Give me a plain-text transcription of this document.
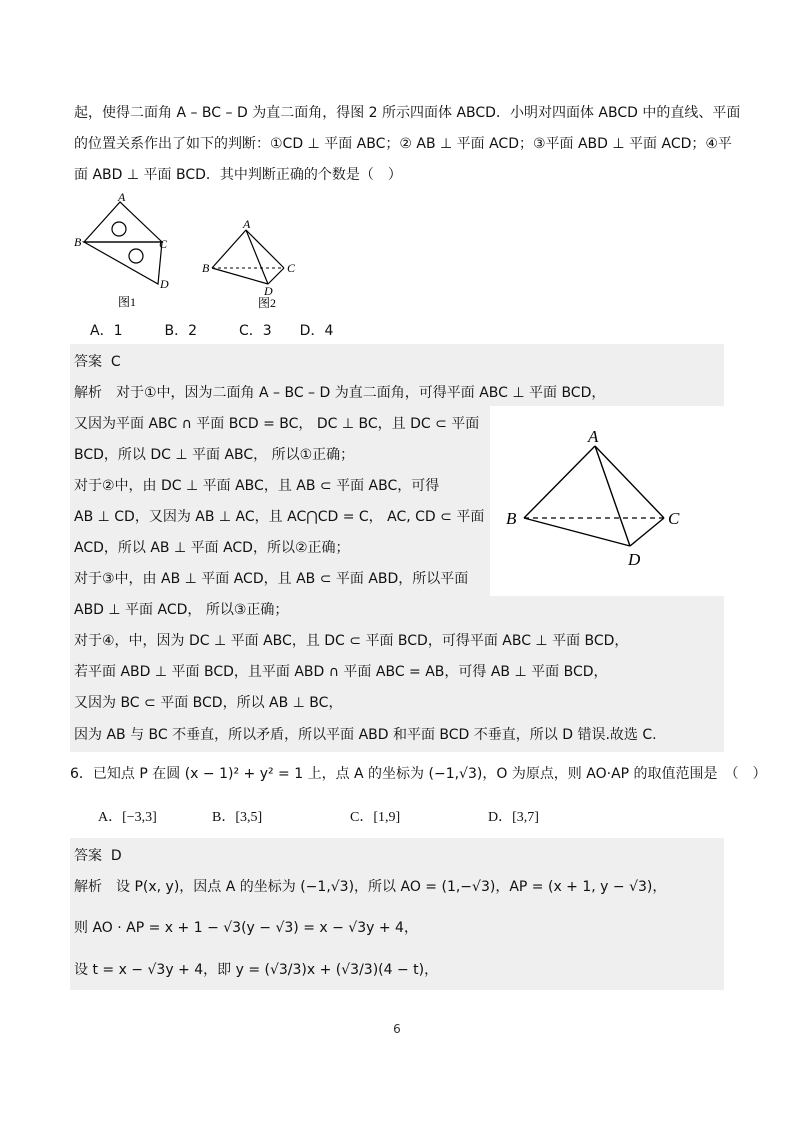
起，使得二面角 A – BC – D 为直二面角，得图 2 所示四面体 ABCD．小明对四面体 ABCD 中的直线、平面
的位置关系作出了如下的判断：①CD ⊥ 平面 ABC；② AB ⊥ 平面 ACD；③平面 ABD ⊥ 平面 ACD；④平
面 ABD ⊥ 平面 BCD．其中判断正确的个数是（　）
A
B	C
D
图1
A
B	C
D
图2
A．1　　　B．2　　　C．3　　D．4
答案 C
解析　对于①中，因为二面角 A – BC – D 为直二面角，可得平面 ABC ⊥ 平面 BCD，
又因为平面 ABC ∩ 平面 BCD = BC， DC ⊥ BC，且 DC ⊂ 平面
BCD，所以 DC ⊥ 平面 ABC， 所以①正确；
对于②中，由 DC ⊥ 平面 ABC，且 AB ⊂ 平面 ABC，可得
AB ⊥ CD，又因为 AB ⊥ AC，且 AC⋂CD = C， AC, CD ⊂ 平面
ACD，所以 AB ⊥ 平面 ACD，所以②正确；
对于③中，由 AB ⊥ 平面 ACD，且 AB ⊂ 平面 ABD，所以平面
ABD ⊥ 平面 ACD， 所以③正确；
对于④，中，因为 DC ⊥ 平面 ABC，且 DC ⊂ 平面 BCD，可得平面 ABC ⊥ 平面 BCD，
若平面 ABD ⊥ 平面 BCD，且平面 ABD ∩ 平面 ABC = AB，可得 AB ⊥ 平面 BCD，
又因为 BC ⊂ 平面 BCD，所以 AB ⊥ BC，
因为 AB 与 BC 不垂直，所以矛盾，所以平面 ABD 和平面 BCD 不垂直，所以 D 错误.故选 C.
A
B	C
D
6．已知点 P 在圆 (x − 1)² + y² = 1 上，点 A 的坐标为 (−1,√3)，O 为原点，则 AO·AP 的取值范围是　（　）
A．[−3,3]	B．[3,5]	C．[1,9]	D．[3,7]
答案 D
解析　设 P(x, y)，因点 A 的坐标为 (−1,√3)，所以 AO = (1,−√3)，AP = (x + 1, y − √3)，
则 AO · AP = x + 1 − √3(y − √3) = x − √3y + 4，
设 t = x − √3y + 4，即 y = (√3/3)x + (√3/3)(4 − t)，
6
